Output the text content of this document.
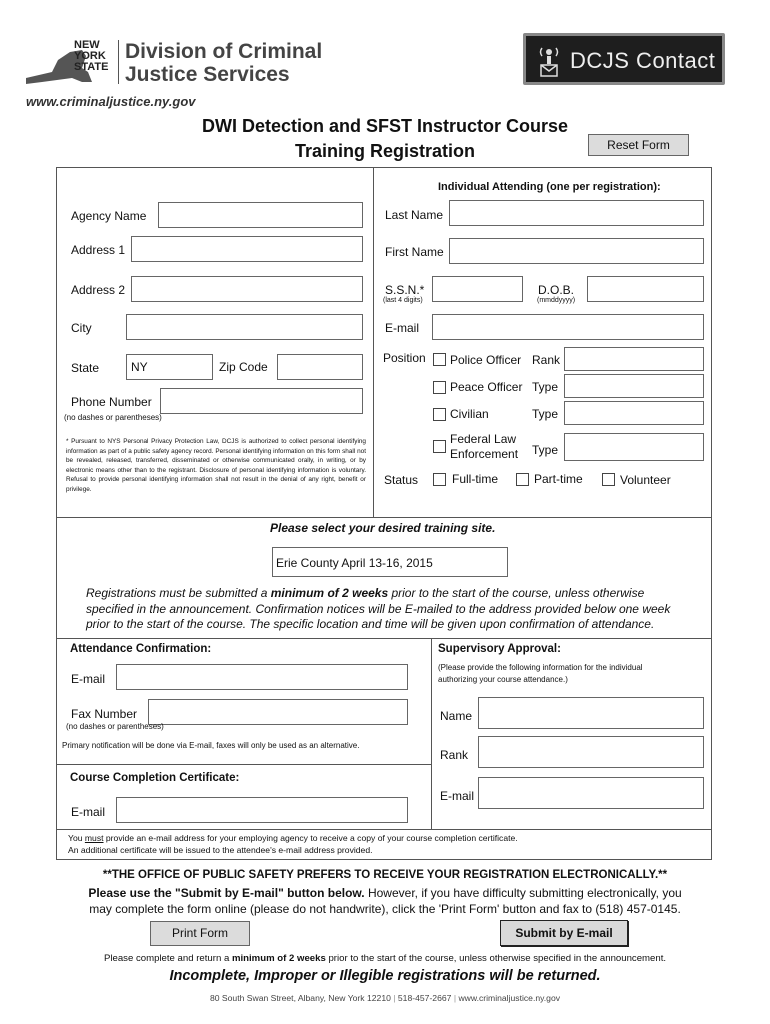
NEW
YORK
STATE
Division of Criminal
Justice Services
www.criminaljustice.ny.gov
DCJS Contact
DWI Detection and SFST Instructor Course
Training Registration	Reset Form
Agency Name
Address 1
Address 2
City
State	NY	Zip Code
Phone Number
(no dashes or parentheses)
* Pursuant to NYS Personal Privacy Protection Law, DCJS is authorized to collect personal identifying information as part of a public safety agency record. Personal identifying information on this form shall not be revealed, released, transferred, disseminated or otherwise communicated orally, in writing, or by electronic means other than to the registrant. Disclosure of personal identifying information is voluntary. Refusal to provide personal identifying information shall not result in the denial of any right, benefit or privilege.
Individual Attending (one per registration):
Last Name
First Name
S.S.N.*
(last 4 digits)
D.O.B.
(mmddyyyy)
E-mail
Position Police Officer Rank
Peace Officer Type
Civilian	Type
Federal Law
Enforcement Type
Status	Full-time	Part-time	Volunteer
Please select your desired training site.
Erie County April 13-16, 2015
Registrations must be submitted a minimum of 2 weeks prior to the start of the course, unless otherwise
specified in the announcement. Confirmation notices will be E-mailed to the address provided below one week
prior to the start of the course. The specific location and time will be given upon confirmation of attendance.
Attendance Confirmation:
E-mail
Fax Number
(no dashes or parentheses)
Primary notification will be done via E-mail, faxes will only be used as an alternative.
Course Completion Certificate:
E-mail
Supervisory Approval:
(Please provide the following information for the individual
authorizing your course attendance.)
Name
Rank
E-mail
You must provide an e-mail address for your employing agency to receive a copy of your course completion certificate.
An additional certificate will be issued to the attendee's e-mail address provided.
**THE OFFICE OF PUBLIC SAFETY PREFERS TO RECEIVE YOUR REGISTRATION ELECTRONICALLY.**
Please use the "Submit by E-mail" button below. However, if you have difficulty submitting electronically, you
may complete the form online (please do not handwrite), click the 'Print Form' button and fax to (518) 457-0145.
Print Form	Submit by E-mail
Please complete and return a minimum of 2 weeks prior to the start of the course, unless otherwise specified in the announcement.
Incomplete, Improper or Illegible registrations will be returned.
80 South Swan Street, Albany, New York 12210 | 518-457-2667 | www.criminaljustice.ny.gov
